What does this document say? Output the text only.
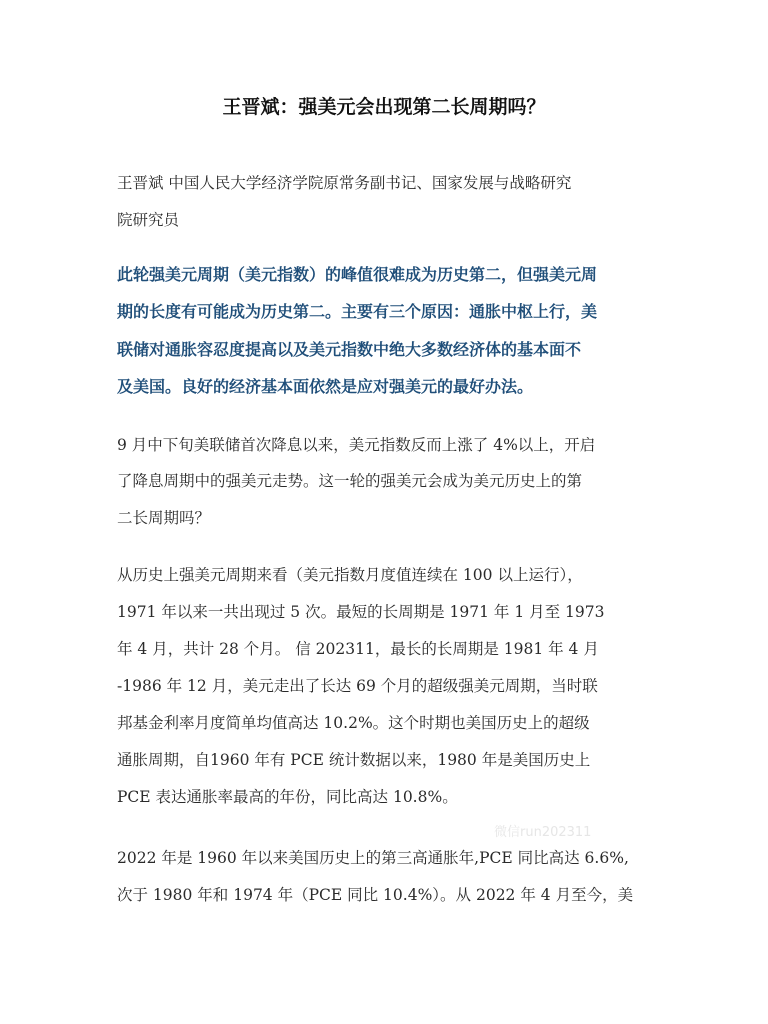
王晋斌：强美元会出现第二长周期吗？

王晋斌 中国人民大学经济学院原常务副书记、国家发展与战略研究

院研究员

此轮强美元周期（美元指数）的峰值很难成为历史第二，但强美元周

期的长度有可能成为历史第二。主要有三个原因：通胀中枢上行，美

联储对通胀容忍度提高以及美元指数中绝大多数经济体的基本面不

及美国。良好的经济基本面依然是应对强美元的最好办法。

9 月中下旬美联储首次降息以来，美元指数反而上涨了 4%以上，开启

了降息周期中的强美元走势。这一轮的强美元会成为美元历史上的第

二长周期吗？

从历史上强美元周期来看（美元指数月度值连续在 100 以上运行），

1971 年以来一共出现过 5 次。最短的长周期是 1971 年 1 月至 1973

年 4 月，共计 28 个月。 信 202311，最长的长周期是 1981 年 4 月

-1986 年 12 月，美元走出了长达 69 个月的超级强美元周期，当时联

邦基金利率月度简单均值高达 10.2%。这个时期也美国历史上的超级

通胀周期，自1960 年有 PCE 统计数据以来，1980 年是美国历史上

PCE 表达通胀率最高的年份，同比高达 10.8%。

微信run202311

2022 年是 1960 年以来美国历史上的第三高通胀年,PCE 同比高达 6.6%,

次于 1980 年和 1974 年（PCE 同比 10.4%）。从 2022 年 4 月至今，美
